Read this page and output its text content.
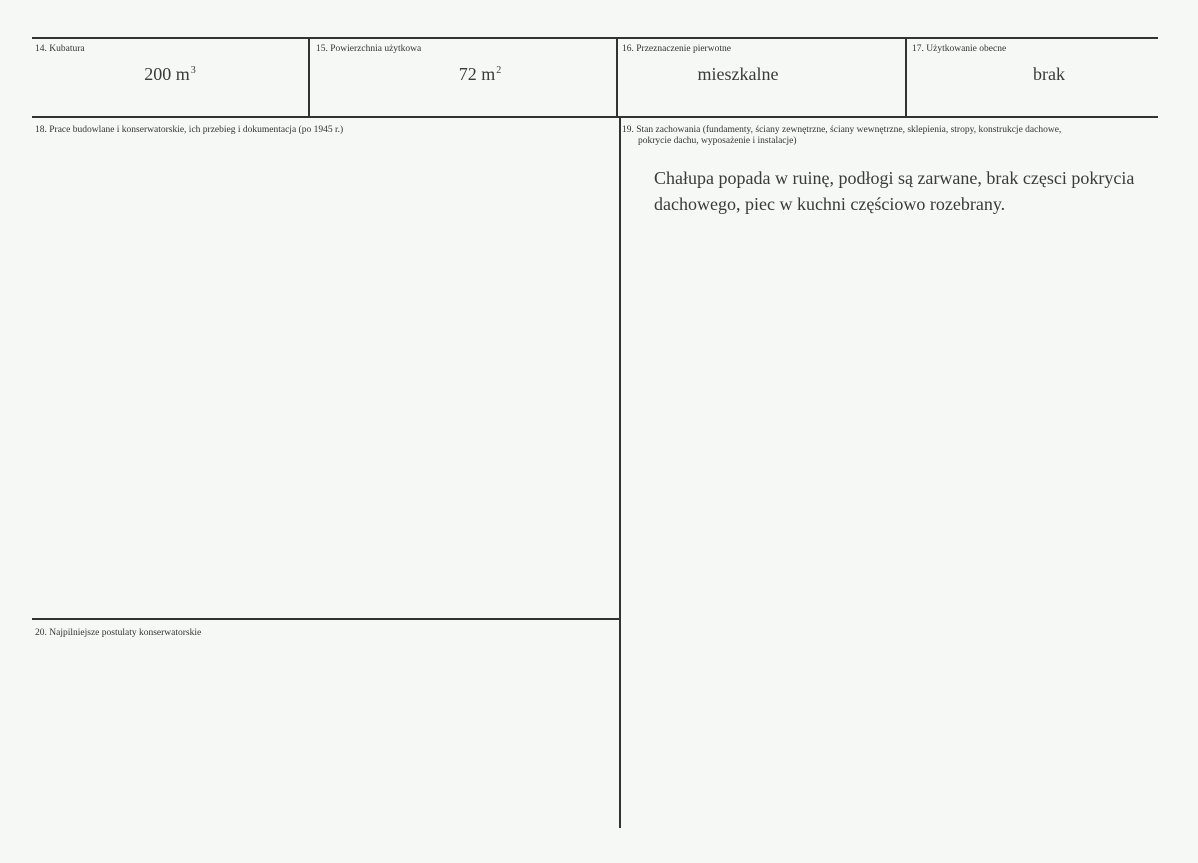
14. Kubatura
200 $m^3$
15. Powierzchnia użytkowa
72 $m^2$
16. Przeznaczenie pierwotne
mieszkalne
17. Użytkowanie obecne
brak
18. Prace budowlane i konserwatorskie, ich przebieg i dokumentacja (po 1945 r.)	19. Stan zachowania (fundamenty, ściany zewnętrzne, ściany wewnętrzne, sklepienia, stropy, konstrukcje dachowe,
pokrycie dachu, wyposażenie i instalacje)
Chałupa popada w ruinę, podłogi są zarwane, brak częsci pokrycia dachowego, piec w kuchni częściowo rozebrany.
20. Najpilniejsze postulaty konserwatorskie
